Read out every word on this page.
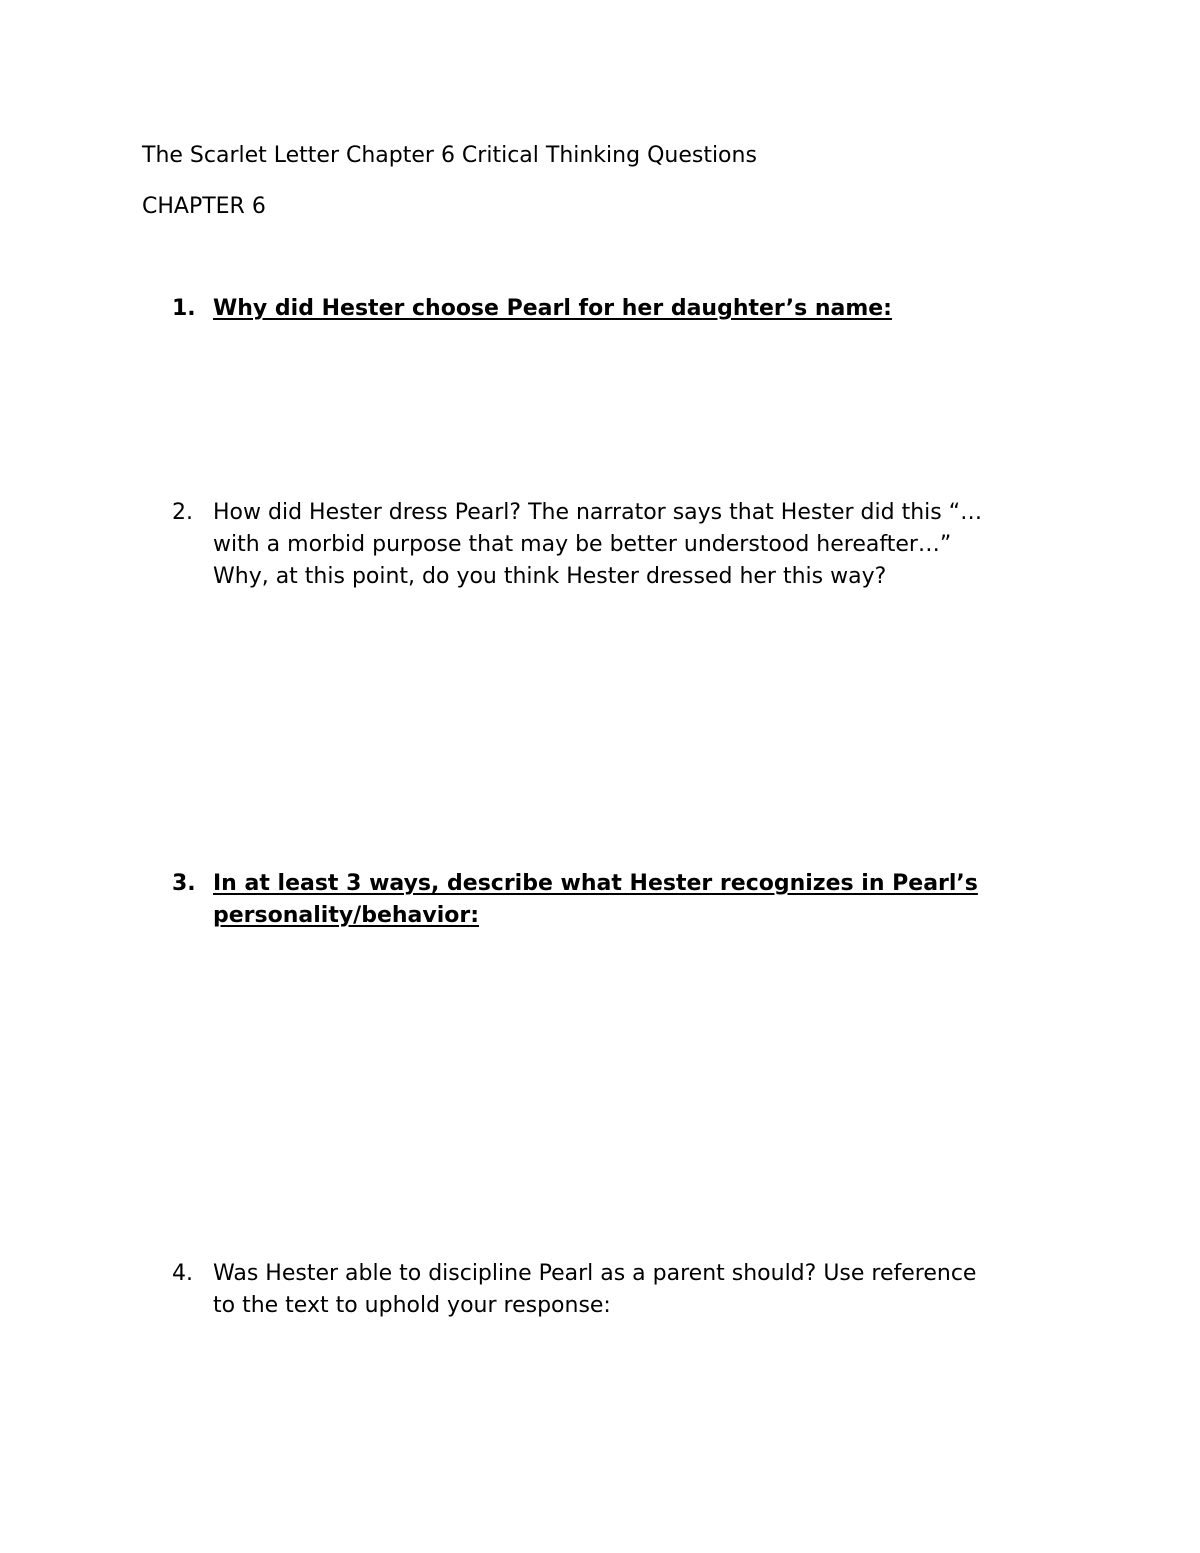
The Scarlet Letter Chapter 6 Critical Thinking Questions
CHAPTER 6
1. Why did Hester choose Pearl for her daughter’s name:
2. How did Hester dress Pearl? The narrator says that Hester did this “…
with a morbid purpose that may be better understood hereafter…”
Why, at this point, do you think Hester dressed her this way?
3. In at least 3 ways, describe what Hester recognizes in Pearl’s
personality/behavior:
4. Was Hester able to discipline Pearl as a parent should? Use reference
to the text to uphold your response:
